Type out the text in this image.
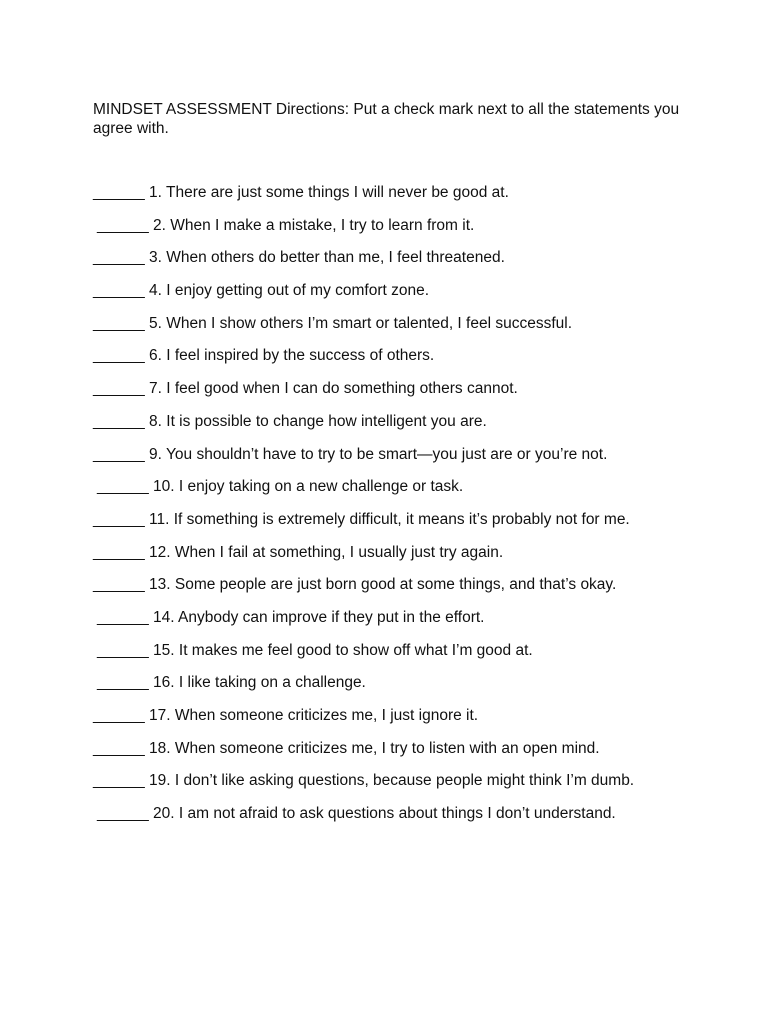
MINDSET ASSESSMENT Directions: Put a check mark next to all the statements you agree with.

______ 1. There are just some things I will never be good at.
______ 2. When I make a mistake, I try to learn from it.
______ 3. When others do better than me, I feel threatened.
______ 4. I enjoy getting out of my comfort zone.
______ 5. When I show others I’m smart or talented, I feel successful.
______ 6. I feel inspired by the success of others.
______ 7. I feel good when I can do something others cannot.
______ 8. It is possible to change how intelligent you are.
______ 9. You shouldn’t have to try to be smart—you just are or you’re not.
______ 10. I enjoy taking on a new challenge or task.
______ 11. If something is extremely difficult, it means it’s probably not for me.
______ 12. When I fail at something, I usually just try again.
______ 13. Some people are just born good at some things, and that’s okay.
______ 14. Anybody can improve if they put in the effort.
______ 15. It makes me feel good to show off what I’m good at.
______ 16. I like taking on a challenge.
______ 17. When someone criticizes me, I just ignore it.
______ 18. When someone criticizes me, I try to listen with an open mind.
______ 19. I don’t like asking questions, because people might think I’m dumb.
______ 20. I am not afraid to ask questions about things I don’t understand.
